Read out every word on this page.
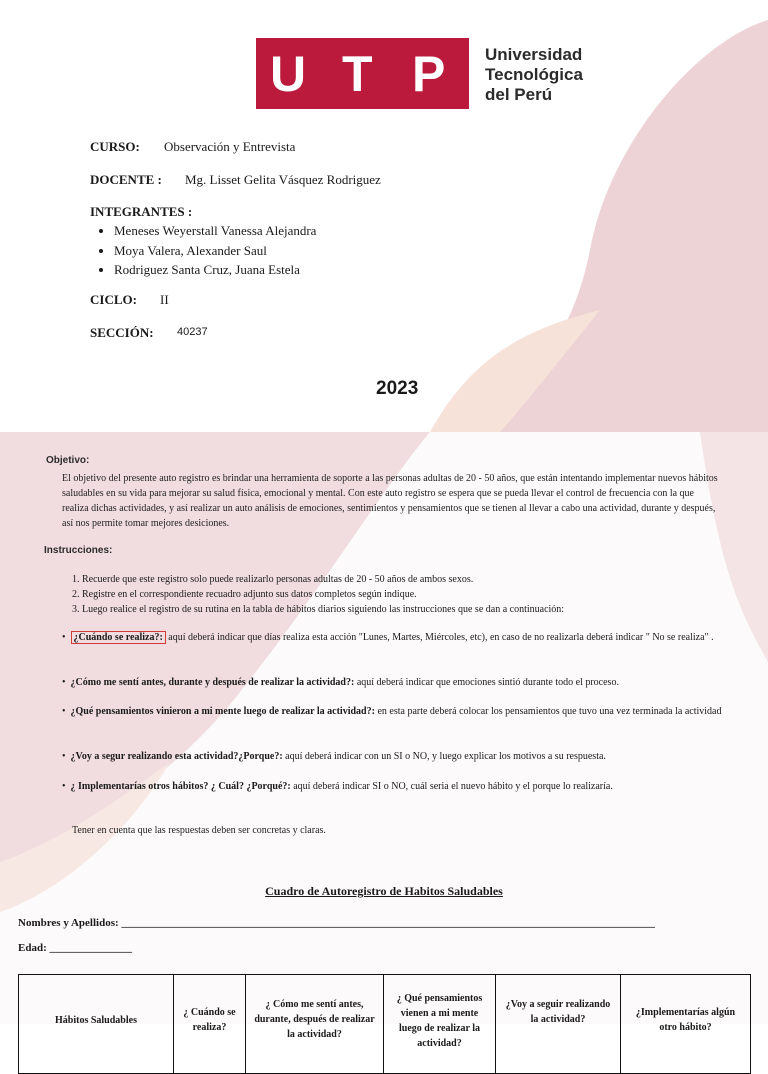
U T P Universidad
Tecnológica
del Perú
CURSO: Observación y Entrevista
DOCENTE : Mg. Lisset Gelita Vásquez Rodriguez
INTEGRANTES :
• Meneses Weyerstall Vanessa Alejandra
• Moya Valera, Alexander Saul
• Rodriguez Santa Cruz, Juana Estela
CICLO: II
SECCIÓN: 40237
2023
Objetivo:
El objetivo del presente auto registro es brindar una herramienta de soporte a las personas adultas de 20 - 50 años, que están intentando implementar nuevos hábitos saludables en su vida para mejorar su salud física, emocional y mental. Con este auto registro se espera que se pueda llevar el control de frecuencia con la que realiza dichas actividades, y así realizar un auto análisis de emociones, sentimientos y pensamientos que se tienen al llevar a cabo una actividad, durante y después, así nos permite tomar mejores desiciones.
Instrucciones:
1. Recuerde que este registro solo puede realizarlo personas adultas de 20 - 50 años de ambos sexos.
2. Registre en el correspondiente recuadro adjunto sus datos completos según indique.
3. Luego realice el registro de su rutina en la tabla de hábitos diarios siguiendo las instrucciones que se dan a continuación:
•  ¿Cuándo se realiza?: aquí deberá indicar que días realiza esta acción "Lunes, Martes, Miércoles, etc), en caso de no realizarla deberá indicar " No se realiza" .
•  ¿Cómo me sentí antes, durante y después de realizar la actividad?: aquí deberá indicar que emociones sintió durante todo el proceso.
•  ¿Qué pensamientos vinieron a mi mente luego de realizar la actividad?: en esta parte deberá colocar los pensamientos que tuvo una vez terminada la actividad
•  ¿Voy a segur realizando esta actividad?¿Porque?: aquí deberá indicar con un SI o NO, y luego explicar los motivos a su respuesta.
•  ¿ Implementarías otros hábitos? ¿ Cuál? ¿Porqué?: aquí deberá indicar SI o NO, cuál seria el nuevo hábito y el porque lo realizaría.
Tener en cuenta que las respuestas deben ser concretas y claras.
Cuadro de Autoregistro de Habitos Saludables
Nombres y Apellidos: _________________________________________________________________________________________________
Edad: _______________
Hábitos Saludables	¿ Cuándo se realiza?	¿ Cómo me sentí antes, durante, después de realizar la actividad?	¿ Qué pensamientos vienen a mi mente luego de realizar la actividad?	¿Voy a seguir realizando la actividad?	¿Implementarías algún otro hábito?
